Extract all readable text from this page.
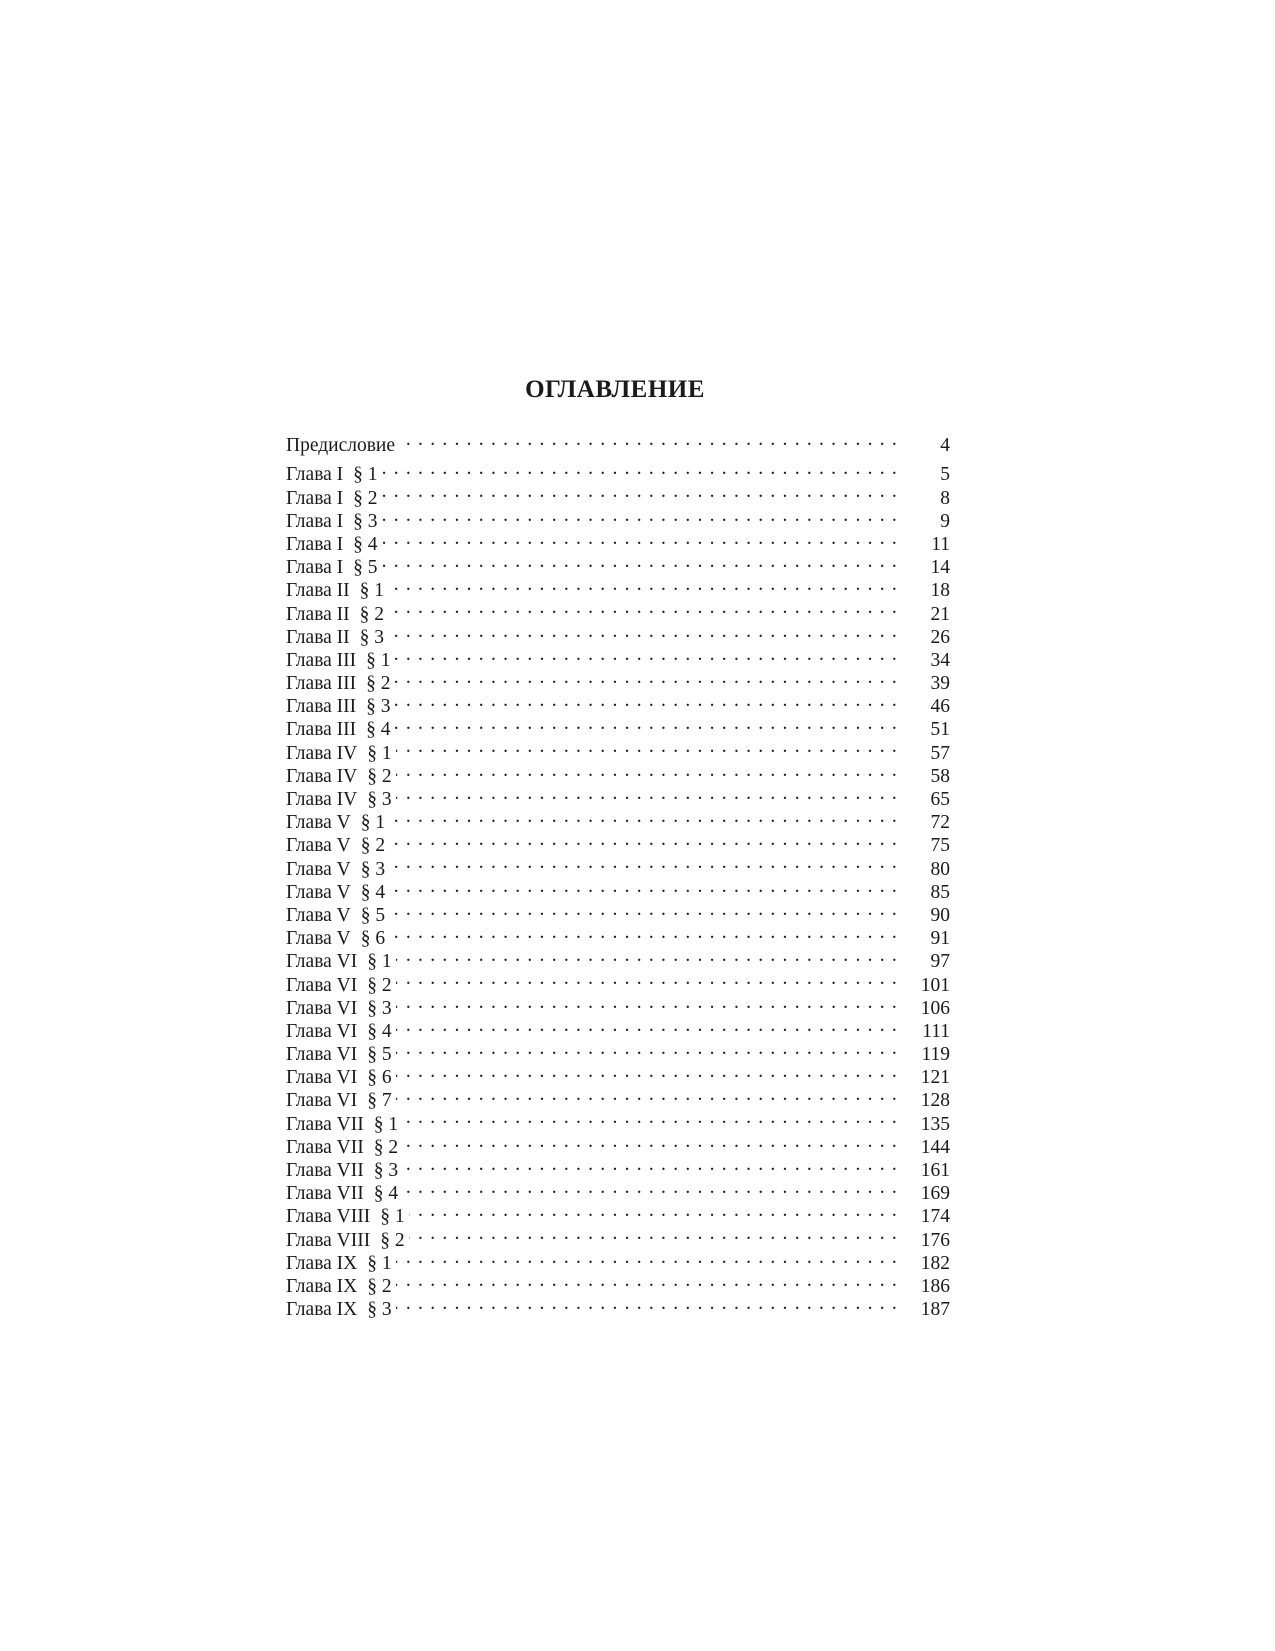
ОГЛАВЛЕНИЕ
Предисловие . . .	4
Глава I § 1 . . .	5
Глава I § 2 . . .	8
Глава I § 3 . . .	9
Глава I § 4 . . .	11
Глава I § 5 . . .	14
Глава II § 1 . . .	18
Глава II § 2 . . .	21
Глава II § 3 . . .	26
Глава III § 1 . . .	34
Глава III § 2 . . .	39
Глава III § 3 . . .	46
Глава III § 4 . . .	51
Глава IV § 1 . . .	57
Глава IV § 2 . . .	58
Глава IV § 3 . . .	65
Глава V § 1 . . .	72
Глава V § 2 . . .	75
Глава V § 3 . . .	80
Глава V § 4 . . .	85
Глава V § 5 . . .	90
Глава V § 6 . . .	91
Глава VI § 1 . . .	97
Глава VI § 2 . . .	101
Глава VI § 3 . . .	106
Глава VI § 4 . . .	111
Глава VI § 5 . . .	119
Глава VI § 6 . . .	121
Глава VI § 7 . . .	128
Глава VII § 1 . . .	135
Глава VII § 2 . . .	144
Глава VII § 3 . . .	161
Глава VII § 4 . . .	169
Глава VIII § 1 . . .	174
Глава VIII § 2 . . .	176
Глава IX § 1 . . .	182
Глава IX § 2 . . .	186
Глава IX § 3 . . .	187
